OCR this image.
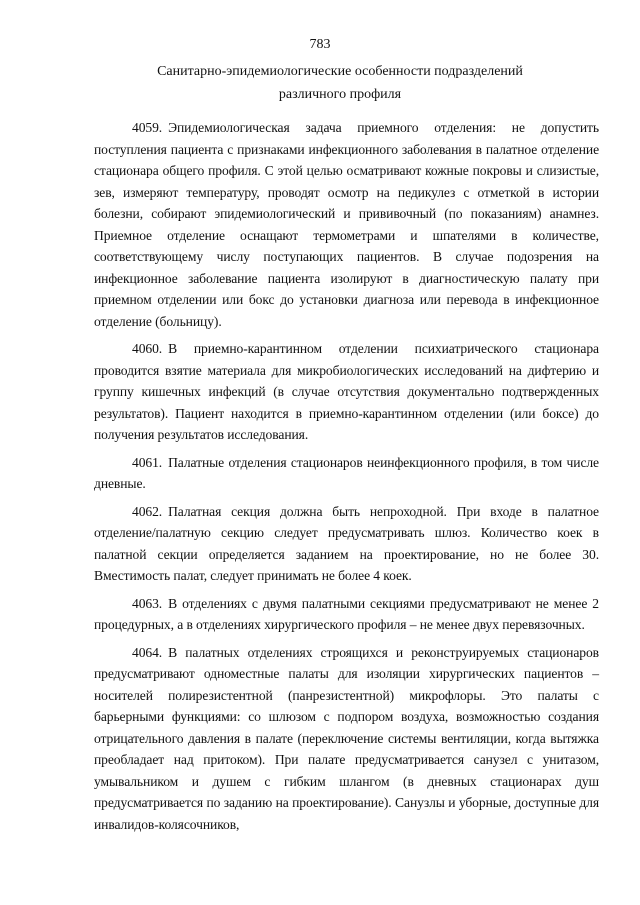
783
Санитарно-эпидемиологические особенности подразделений
различного профиля

4059. Эпидемиологическая задача приемного отделения: не допустить поступления пациента с признаками инфекционного заболевания в палатное отделение стационара общего профиля. С этой целью осматривают кожные покровы и слизистые, зев, измеряют температуру, проводят осмотр на педикулез с отметкой в истории болезни, собирают эпидемиологический и прививочный (по показаниям) анамнез. Приемное отделение оснащают термометрами и шпателями в количестве, соответствующему числу поступающих пациентов. В случае подозрения на инфекционное заболевание пациента изолируют в диагностическую палату при приемном отделении или бокс до установки диагноза или перевода в инфекционное отделение (больницу).

4060. В приемно-карантинном отделении психиатрического стационара проводится взятие материала для микробиологических исследований на дифтерию и группу кишечных инфекций (в случае отсутствия документально подтвержденных результатов). Пациент находится в приемно-карантинном отделении (или боксе) до получения результатов исследования.

4061. Палатные отделения стационаров неинфекционного профиля, в том числе дневные.

4062. Палатная секция должна быть непроходной. При входе в палатное отделение/палатную секцию следует предусматривать шлюз. Количество коек в палатной секции определяется заданием на проектирование, но не более 30. Вместимость палат, следует принимать не более 4 коек.

4063. В отделениях с двумя палатными секциями предусматривают не менее 2 процедурных, а в отделениях хирургического профиля – не менее двух перевязочных.

4064. В палатных отделениях строящихся и реконструируемых стационаров предусматривают одноместные палаты для изоляции хирургических пациентов – носителей полирезистентной (панрезистентной) микрофлоры. Это палаты с барьерными функциями: со шлюзом с подпором воздуха, возможностью создания отрицательного давления в палате (переключение системы вентиляции, когда вытяжка преобладает над притоком). При палате предусматривается санузел с унитазом, умывальником и душем с гибким шлангом (в дневных стационарах душ предусматривается по заданию на проектирование). Санузлы и уборные, доступные для инвалидов-колясочников,
